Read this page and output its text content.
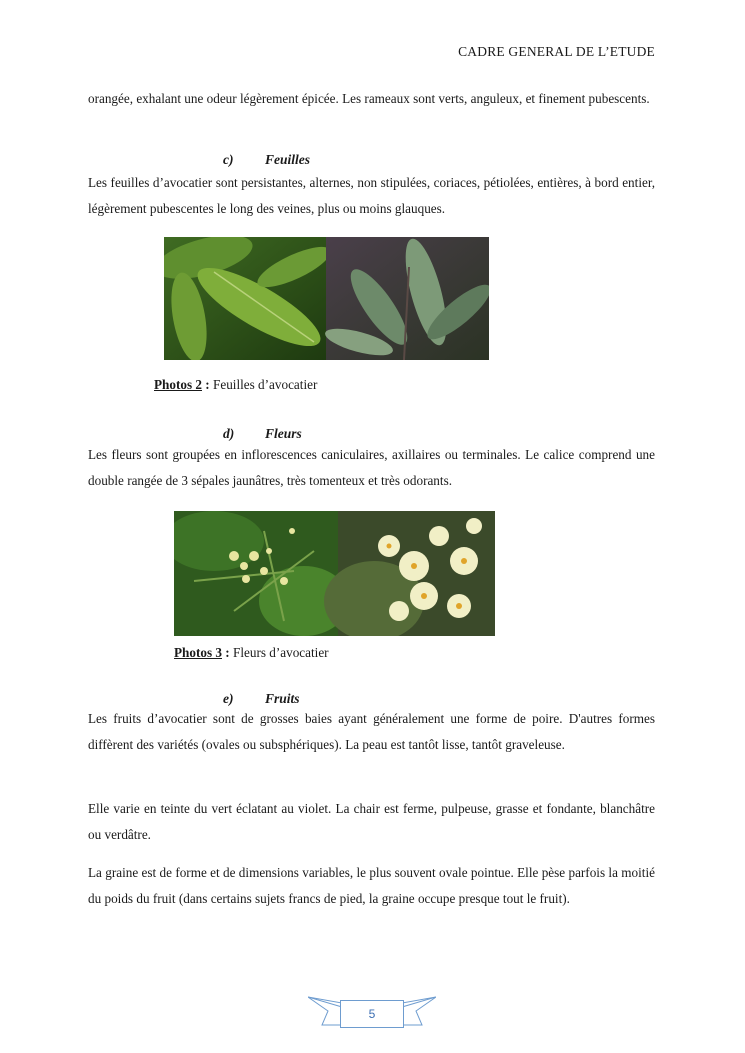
CADRE GENERAL DE L’ETUDE

orangée, exhalant une odeur légèrement épicée. Les rameaux sont verts, anguleux, et finement pubescents.

c) Feuilles

Les feuilles d’avocatier sont persistantes, alternes, non stipulées, coriaces, pétiolées, entières, à bord entier, légèrement pubescentes le long des veines, plus ou moins glauques.

Photos 2 : Feuilles d’avocatier
d) Fleurs

Les fleurs sont groupées en inflorescences caniculaires, axillaires ou terminales. Le calice comprend une double rangée de 3 sépales jaunâtres, très tomenteux et très odorants.

Photos 3 : Fleurs d’avocatier
e) Fruits

Les fruits d’avocatier sont de grosses baies ayant généralement une forme de poire. D'autres formes diffèrent des variétés (ovales ou subsphériques). La peau est tantôt lisse, tantôt graveleuse.

Elle varie en teinte du vert éclatant au violet. La chair est ferme, pulpeuse, grasse et fondante, blanchâtre ou verdâtre.

La graine est de forme et de dimensions variables, le plus souvent ovale pointue. Elle pèse parfois la moitié du poids du fruit (dans certains sujets francs de pied, la graine occupe presque tout le fruit).

5
